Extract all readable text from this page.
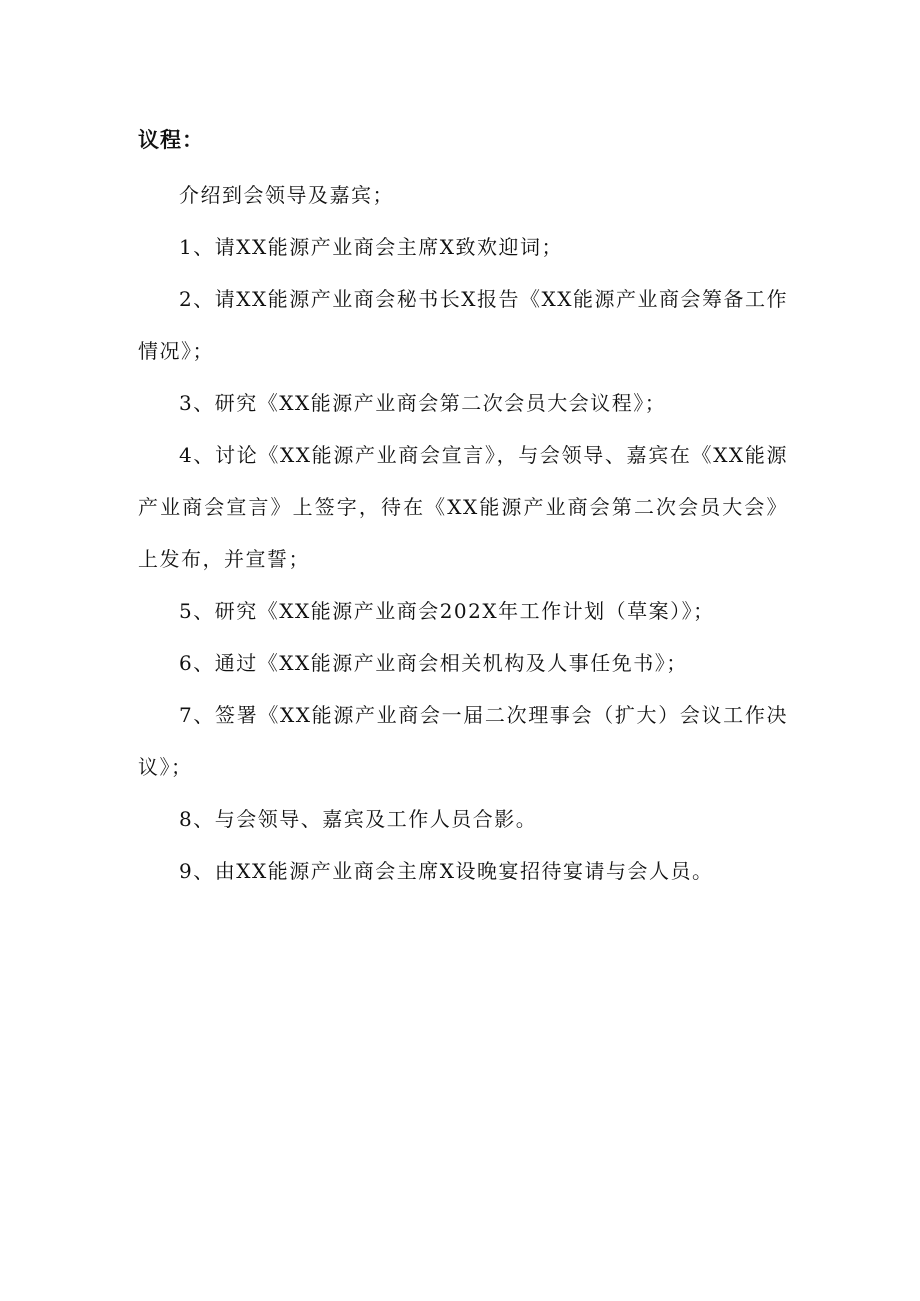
议程：

介绍到会领导及嘉宾；

1、请XX能源产业商会主席X致欢迎词；

2、请XX能源产业商会秘书长X报告《XX能源产业商会筹备工作情况》；

3、研究《XX能源产业商会第二次会员大会议程》；

4、讨论《XX能源产业商会宣言》，与会领导、嘉宾在《XX能源产业商会宣言》上签字，待在《XX能源产业商会第二次会员大会》上发布，并宣誓；

5、研究《XX能源产业商会202X年工作计划（草案）》；

6、通过《XX能源产业商会相关机构及人事任免书》；

7、签署《XX能源产业商会一届二次理事会（扩大）会议工作决议》；

8、与会领导、嘉宾及工作人员合影。

9、由XX能源产业商会主席X设晚宴招待宴请与会人员。
